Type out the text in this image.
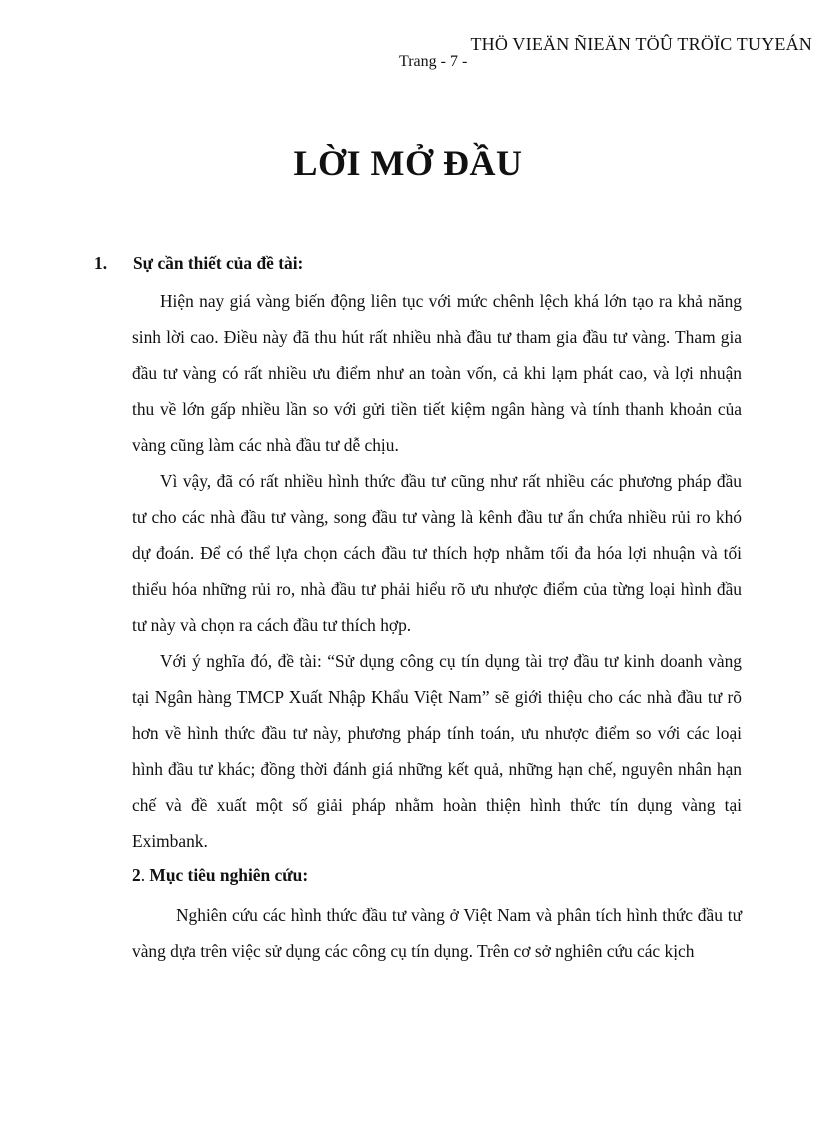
THÖ VIEÄN ÑIEÄN TÖÛ TRÖÏC TUYEÁN
Trang - 7 -
LỜI MỞ ĐẦU
1. Sự cần thiết của đề tài:

Hiện nay giá vàng biến động liên tục với mức chênh lệch khá lớn tạo ra khả năng sinh lời cao. Điều này đã thu hút rất nhiều nhà đầu tư tham gia đầu tư vàng. Tham gia đầu tư vàng có rất nhiều ưu điểm như an toàn vốn, cả khi lạm phát cao, và lợi nhuận thu về lớn gấp nhiều lần so với gửi tiền tiết kiệm ngân hàng và tính thanh khoản của vàng cũng làm các nhà đầu tư dễ chịu.

Vì vậy, đã có rất nhiều hình thức đầu tư cũng như rất nhiều các phương pháp đầu tư cho các nhà đầu tư vàng, song đầu tư vàng là kênh đầu tư ẩn chứa nhiều rủi ro khó dự đoán. Để có thể lựa chọn cách đầu tư thích hợp nhằm tối đa hóa lợi nhuận và tối thiểu hóa những rủi ro, nhà đầu tư phải hiểu rõ ưu nhược điểm của từng loại hình đầu tư này và chọn ra cách đầu tư thích hợp.

Với ý nghĩa đó, đề tài: “Sử dụng công cụ tín dụng tài trợ đầu tư kinh doanh vàng tại Ngân hàng TMCP Xuất Nhập Khẩu Việt Nam” sẽ giới thiệu cho các nhà đầu tư rõ hơn về hình thức đầu tư này, phương pháp tính toán, ưu nhược điểm so với các loại hình đầu tư khác; đồng thời đánh giá những kết quả, những hạn chế, nguyên nhân hạn chế và đề xuất một số giải pháp nhằm hoàn thiện hình thức tín dụng vàng tại Eximbank.

2. Mục tiêu nghiên cứu:

Nghiên cứu các hình thức đầu tư vàng ở Việt Nam và phân tích hình thức đầu tư vàng dựa trên việc sử dụng các công cụ tín dụng. Trên cơ sở nghiên cứu các kịch
